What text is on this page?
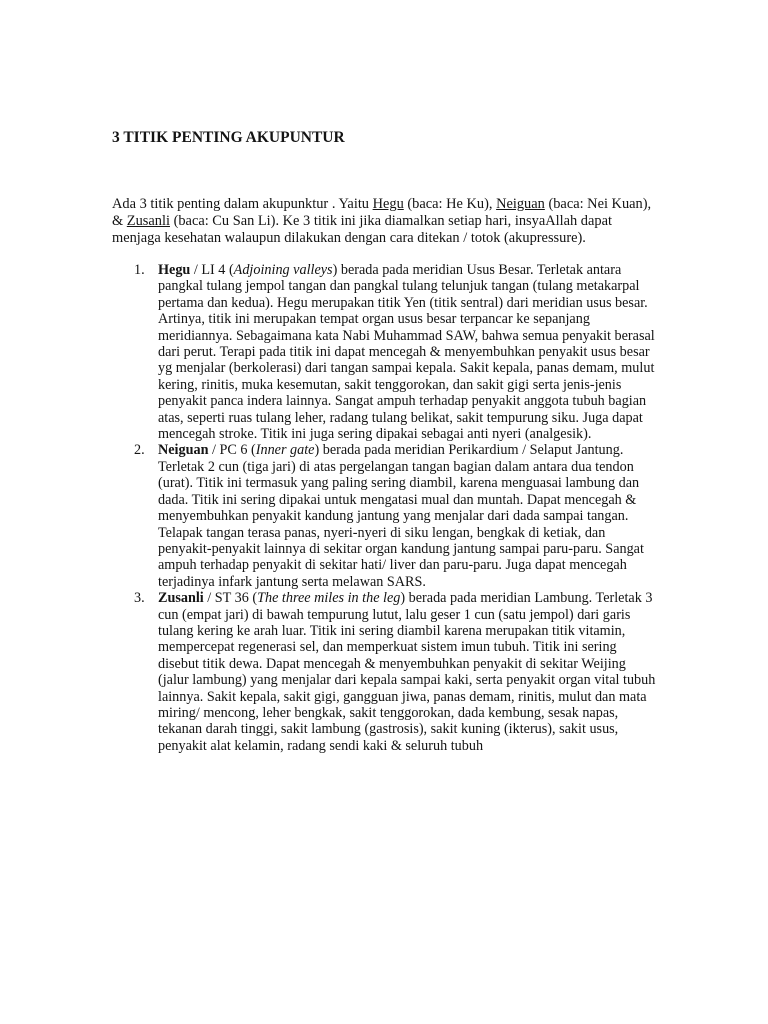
3 TITIK PENTING AKUPUNTUR

Ada 3 titik penting dalam akupunktur . Yaitu Hegu (baca: He Ku), Neiguan (baca: Nei Kuan), & Zusanli (baca: Cu San Li). Ke 3 titik ini jika diamalkan setiap hari, insyaAllah dapat menjaga kesehatan walaupun dilakukan dengan cara ditekan / totok (akupressure).

1. Hegu / LI 4 (Adjoining valleys) berada pada meridian Usus Besar. Terletak antara pangkal tulang jempol tangan dan pangkal tulang telunjuk tangan (tulang metakarpal pertama dan kedua). Hegu merupakan titik Yen (titik sentral) dari meridian usus besar. Artinya, titik ini merupakan tempat organ usus besar terpancar ke sepanjang meridiannya. Sebagaimana kata Nabi Muhammad SAW, bahwa semua penyakit berasal dari perut. Terapi pada titik ini dapat mencegah & menyembuhkan penyakit usus besar yg menjalar (berkolerasi) dari tangan sampai kepala. Sakit kepala, panas demam, mulut kering, rinitis, muka kesemutan, sakit tenggorokan, dan sakit gigi serta jenis-jenis penyakit panca indera lainnya. Sangat ampuh terhadap penyakit anggota tubuh bagian atas, seperti ruas tulang leher, radang tulang belikat, sakit tempurung siku. Juga dapat mencegah stroke. Titik ini juga sering dipakai sebagai anti nyeri (analgesik).
2. Neiguan / PC 6 (Inner gate) berada pada meridian Perikardium / Selaput Jantung. Terletak 2 cun (tiga jari) di atas pergelangan tangan bagian dalam antara dua tendon (urat). Titik ini termasuk yang paling sering diambil, karena menguasai lambung dan dada. Titik ini sering dipakai untuk mengatasi mual dan muntah. Dapat mencegah & menyembuhkan penyakit kandung jantung yang menjalar dari dada sampai tangan. Telapak tangan terasa panas, nyeri-nyeri di siku lengan, bengkak di ketiak, dan penyakit-penyakit lainnya di sekitar organ kandung jantung sampai paru-paru. Sangat ampuh terhadap penyakit di sekitar hati/ liver dan paru-paru. Juga dapat mencegah terjadinya infark jantung serta melawan SARS.
3. Zusanli / ST 36 (The three miles in the leg) berada pada meridian Lambung. Terletak 3 cun (empat jari) di bawah tempurung lutut, lalu geser 1 cun (satu jempol) dari garis tulang kering ke arah luar. Titik ini sering diambil karena merupakan titik vitamin, mempercepat regenerasi sel, dan memperkuat sistem imun tubuh. Titik ini sering disebut titik dewa. Dapat mencegah & menyembuhkan penyakit di sekitar Weijing (jalur lambung) yang menjalar dari kepala sampai kaki, serta penyakit organ vital tubuh lainnya. Sakit kepala, sakit gigi, gangguan jiwa, panas demam, rinitis, mulut dan mata miring/ mencong, leher bengkak, sakit tenggorokan, dada kembung, sesak napas, tekanan darah tinggi, sakit lambung (gastrosis), sakit kuning (ikterus), sakit usus, penyakit alat kelamin, radang sendi kaki & seluruh tubuh
